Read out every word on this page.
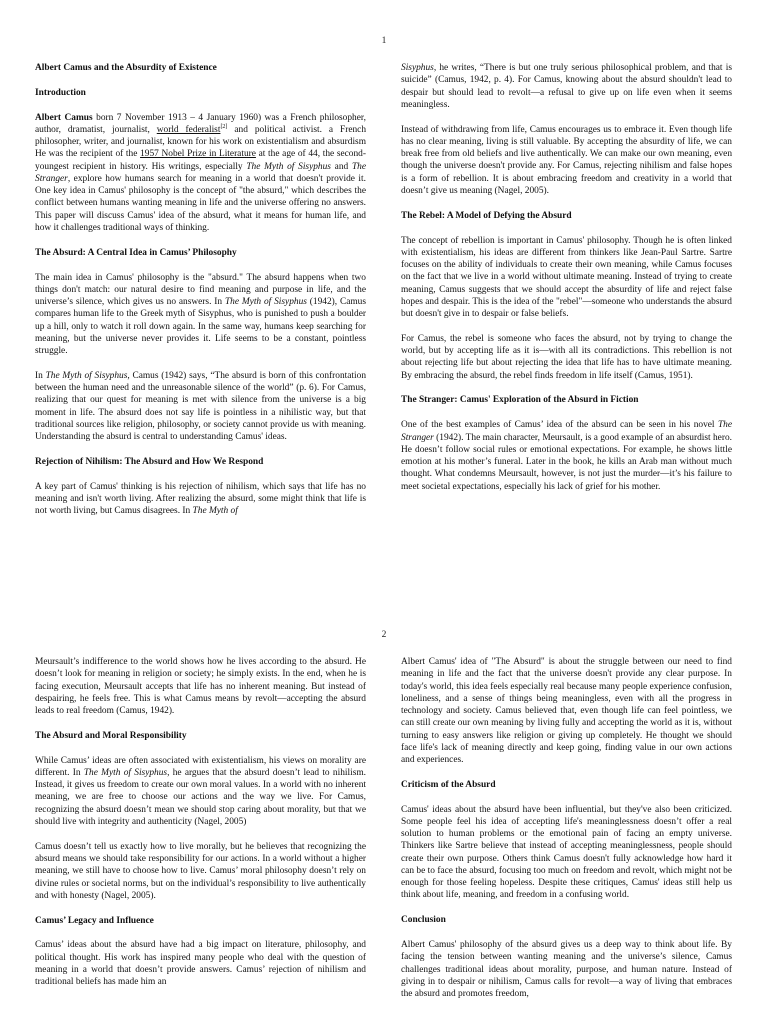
1
Albert Camus and the Absurdity of Existence
Introduction

Albert Camus born 7 November 1913 – 4 January 1960) was a French philosopher, author, dramatist, journalist, world federalist[2] and political activist. a French philosopher, writer, and journalist, known for his work on existentialism and absurdism He was the recipient of the 1957 Nobel Prize in Literature at the age of 44, the second-youngest recipient in history. His writings, especially The Myth of Sisyphus and The Stranger, explore how humans search for meaning in a world that doesn't provide it. One key idea in Camus' philosophy is the concept of "the absurd," which describes the conflict between humans wanting meaning in life and the universe offering no answers. This paper will discuss Camus' idea of the absurd, what it means for human life, and how it challenges traditional ways of thinking.

The Absurd: A Central Idea in Camus’ Philosophy

The main idea in Camus' philosophy is the "absurd." The absurd happens when two things don't match: our natural desire to find meaning and purpose in life, and the universe’s silence, which gives us no answers. In The Myth of Sisyphus (1942), Camus compares human life to the Greek myth of Sisyphus, who is punished to push a boulder up a hill, only to watch it roll down again. In the same way, humans keep searching for meaning, but the universe never provides it. Life seems to be a constant, pointless struggle.

In The Myth of Sisyphus, Camus (1942) says, “The absurd is born of this confrontation between the human need and the unreasonable silence of the world” (p. 6). For Camus, realizing that our quest for meaning is met with silence from the universe is a big moment in life. The absurd does not say life is pointless in a nihilistic way, but that traditional sources like religion, philosophy, or society cannot provide us with meaning. Understanding the absurd is central to understanding Camus' ideas.

Rejection of Nihilism: The Absurd and How We Respond

A key part of Camus' thinking is his rejection of nihilism, which says that life has no meaning and isn't worth living. After realizing the absurd, some might think that life is not worth living, but Camus disagrees. In The Myth of

Sisyphus, he writes, “There is but one truly serious philosophical problem, and that is suicide” (Camus, 1942, p. 4). For Camus, knowing about the absurd shouldn't lead to despair but should lead to revolt—a refusal to give up on life even when it seems meaningless.

Instead of withdrawing from life, Camus encourages us to embrace it. Even though life has no clear meaning, living is still valuable. By accepting the absurdity of life, we can break free from old beliefs and live authentically. We can make our own meaning, even though the universe doesn't provide any. For Camus, rejecting nihilism and false hopes is a form of rebellion. It is about embracing freedom and creativity in a world that doesn’t give us meaning (Nagel, 2005).

The Rebel: A Model of Defying the Absurd

The concept of rebellion is important in Camus' philosophy. Though he is often linked with existentialism, his ideas are different from thinkers like Jean-Paul Sartre. Sartre focuses on the ability of individuals to create their own meaning, while Camus focuses on the fact that we live in a world without ultimate meaning. Instead of trying to create meaning, Camus suggests that we should accept the absurdity of life and reject false hopes and despair. This is the idea of the "rebel"—someone who understands the absurd but doesn't give in to despair or false beliefs.

For Camus, the rebel is someone who faces the absurd, not by trying to change the world, but by accepting life as it is—with all its contradictions. This rebellion is not about rejecting life but about rejecting the idea that life has to have ultimate meaning. By embracing the absurd, the rebel finds freedom in life itself (Camus, 1951).

The Stranger: Camus' Exploration of the Absurd in Fiction

One of the best examples of Camus’ idea of the absurd can be seen in his novel The Stranger (1942). The main character, Meursault, is a good example of an absurdist hero. He doesn’t follow social rules or emotional expectations. For example, he shows little emotion at his mother’s funeral. Later in the book, he kills an Arab man without much thought. What condemns Meursault, however, is not just the murder—it’s his failure to meet societal expectations, especially his lack of grief for his mother.

2

Meursault’s indifference to the world shows how he lives according to the absurd. He doesn’t look for meaning in religion or society; he simply exists. In the end, when he is facing execution, Meursault accepts that life has no inherent meaning. But instead of despairing, he feels free. This is what Camus means by revolt—accepting the absurd leads to real freedom (Camus, 1942).

The Absurd and Moral Responsibility

While Camus’ ideas are often associated with existentialism, his views on morality are different. In The Myth of Sisyphus, he argues that the absurd doesn’t lead to nihilism. Instead, it gives us freedom to create our own moral values. In a world with no inherent meaning, we are free to choose our actions and the way we live. For Camus, recognizing the absurd doesn’t mean we should stop caring about morality, but that we should live with integrity and authenticity (Nagel, 2005)

Camus doesn’t tell us exactly how to live morally, but he believes that recognizing the absurd means we should take responsibility for our actions. In a world without a higher meaning, we still have to choose how to live. Camus’ moral philosophy doesn’t rely on divine rules or societal norms, but on the individual’s responsibility to live authentically and with honesty (Nagel, 2005).

Camus’ Legacy and Influence

Camus’ ideas about the absurd have had a big impact on literature, philosophy, and political thought. His work has inspired many people who deal with the question of meaning in a world that doesn’t provide answers. Camus’ rejection of nihilism and traditional beliefs has made him an

Albert Camus' idea of "The Absurd" is about the struggle between our need to find meaning in life and the fact that the universe doesn't provide any clear purpose. In today's world, this idea feels especially real because many people experience confusion, loneliness, and a sense of things being meaningless, even with all the progress in technology and society. Camus believed that, even though life can feel pointless, we can still create our own meaning by living fully and accepting the world as it is, without turning to easy answers like religion or giving up completely. He thought we should face life's lack of meaning directly and keep going, finding value in our own actions and experiences.

Criticism of the Absurd

Camus' ideas about the absurd have been influential, but they've also been criticized. Some people feel his idea of accepting life's meaninglessness doesn’t offer a real solution to human problems or the emotional pain of facing an empty universe. Thinkers like Sartre believe that instead of accepting meaninglessness, people should create their own purpose. Others think Camus doesn't fully acknowledge how hard it can be to face the absurd, focusing too much on freedom and revolt, which might not be enough for those feeling hopeless. Despite these critiques, Camus' ideas still help us think about life, meaning, and freedom in a confusing world.

Conclusion

Albert Camus' philosophy of the absurd gives us a deep way to think about life. By facing the tension between wanting meaning and the universe’s silence, Camus challenges traditional ideas about morality, purpose, and human nature. Instead of giving in to despair or nihilism, Camus calls for revolt—a way of living that embraces the absurd and promotes freedom,
